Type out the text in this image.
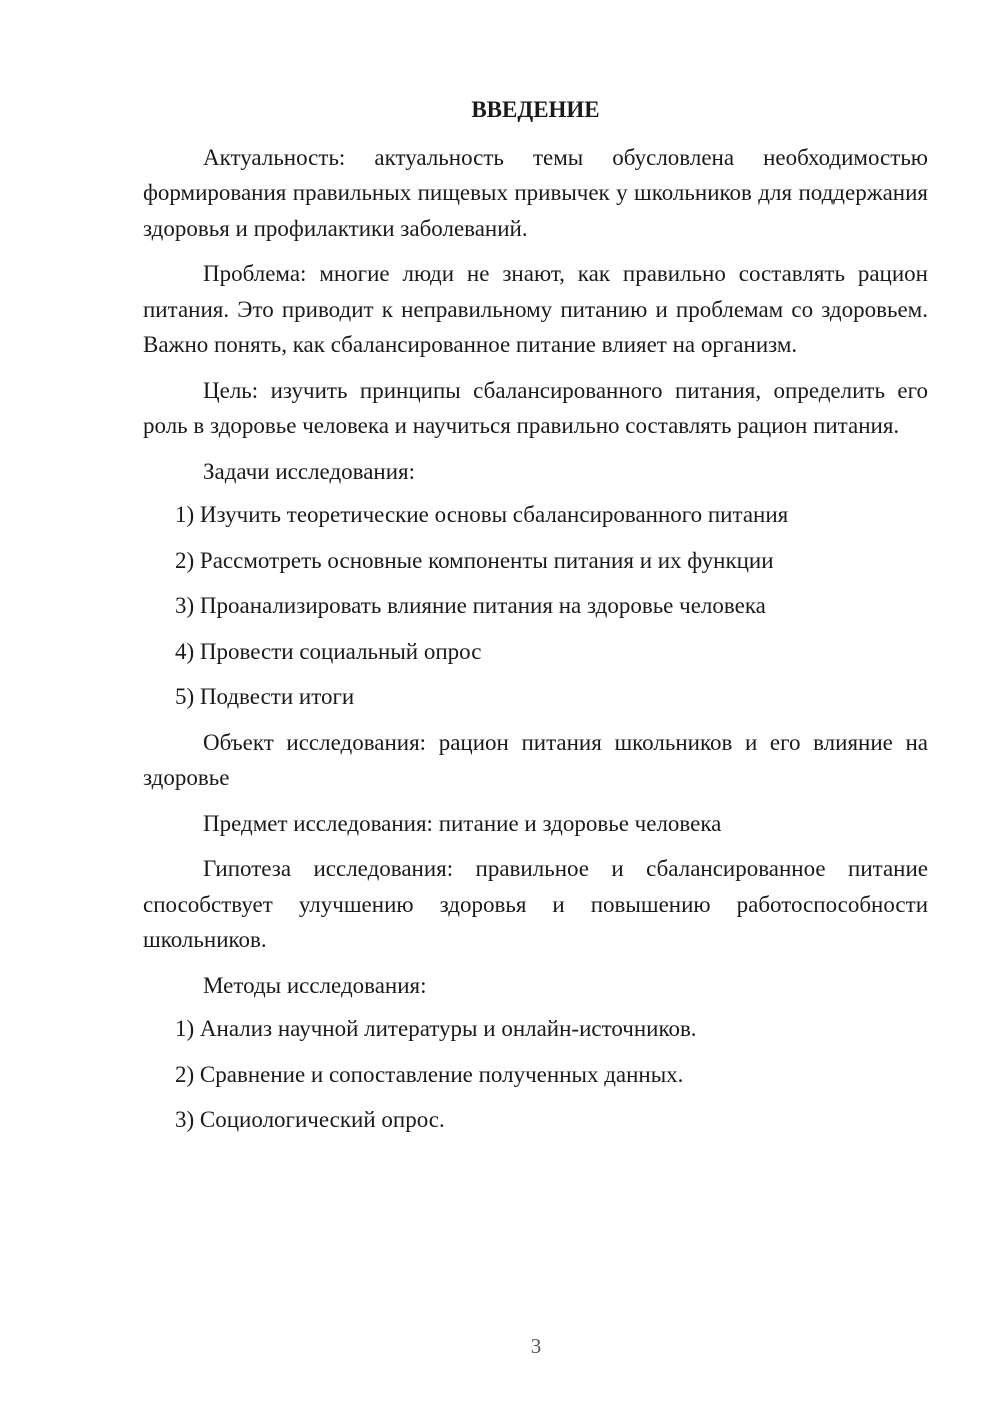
ВВЕДЕНИЕ

Актуальность: актуальность темы обусловлена необходимостью формирования правильных пищевых привычек у школьников для поддержания здоровья и профилактики заболеваний.

Проблема: многие люди не знают, как правильно составлять рацион питания. Это приводит к неправильному питанию и проблемам со здоровьем. Важно понять, как сбалансированное питание влияет на организм.

Цель: изучить принципы сбалансированного питания, определить его роль в здоровье человека и научиться правильно составлять рацион питания.

Задачи исследования:

1) Изучить теоретические основы сбалансированного питания
2) Рассмотреть основные компоненты питания и их функции
3) Проанализировать влияние питания на здоровье человека
4) Провести социальный опрос
5) Подвести итоги

Объект исследования: рацион питания школьников и его влияние на здоровье

Предмет исследования: питание и здоровье человека

Гипотеза исследования: правильное и сбалансированное питание способствует улучшению здоровья и повышению работоспособности школьников.

Методы исследования:

1) Анализ научной литературы и онлайн-источников.
2) Сравнение и сопоставление полученных данных.
3) Социологический опрос.
3
